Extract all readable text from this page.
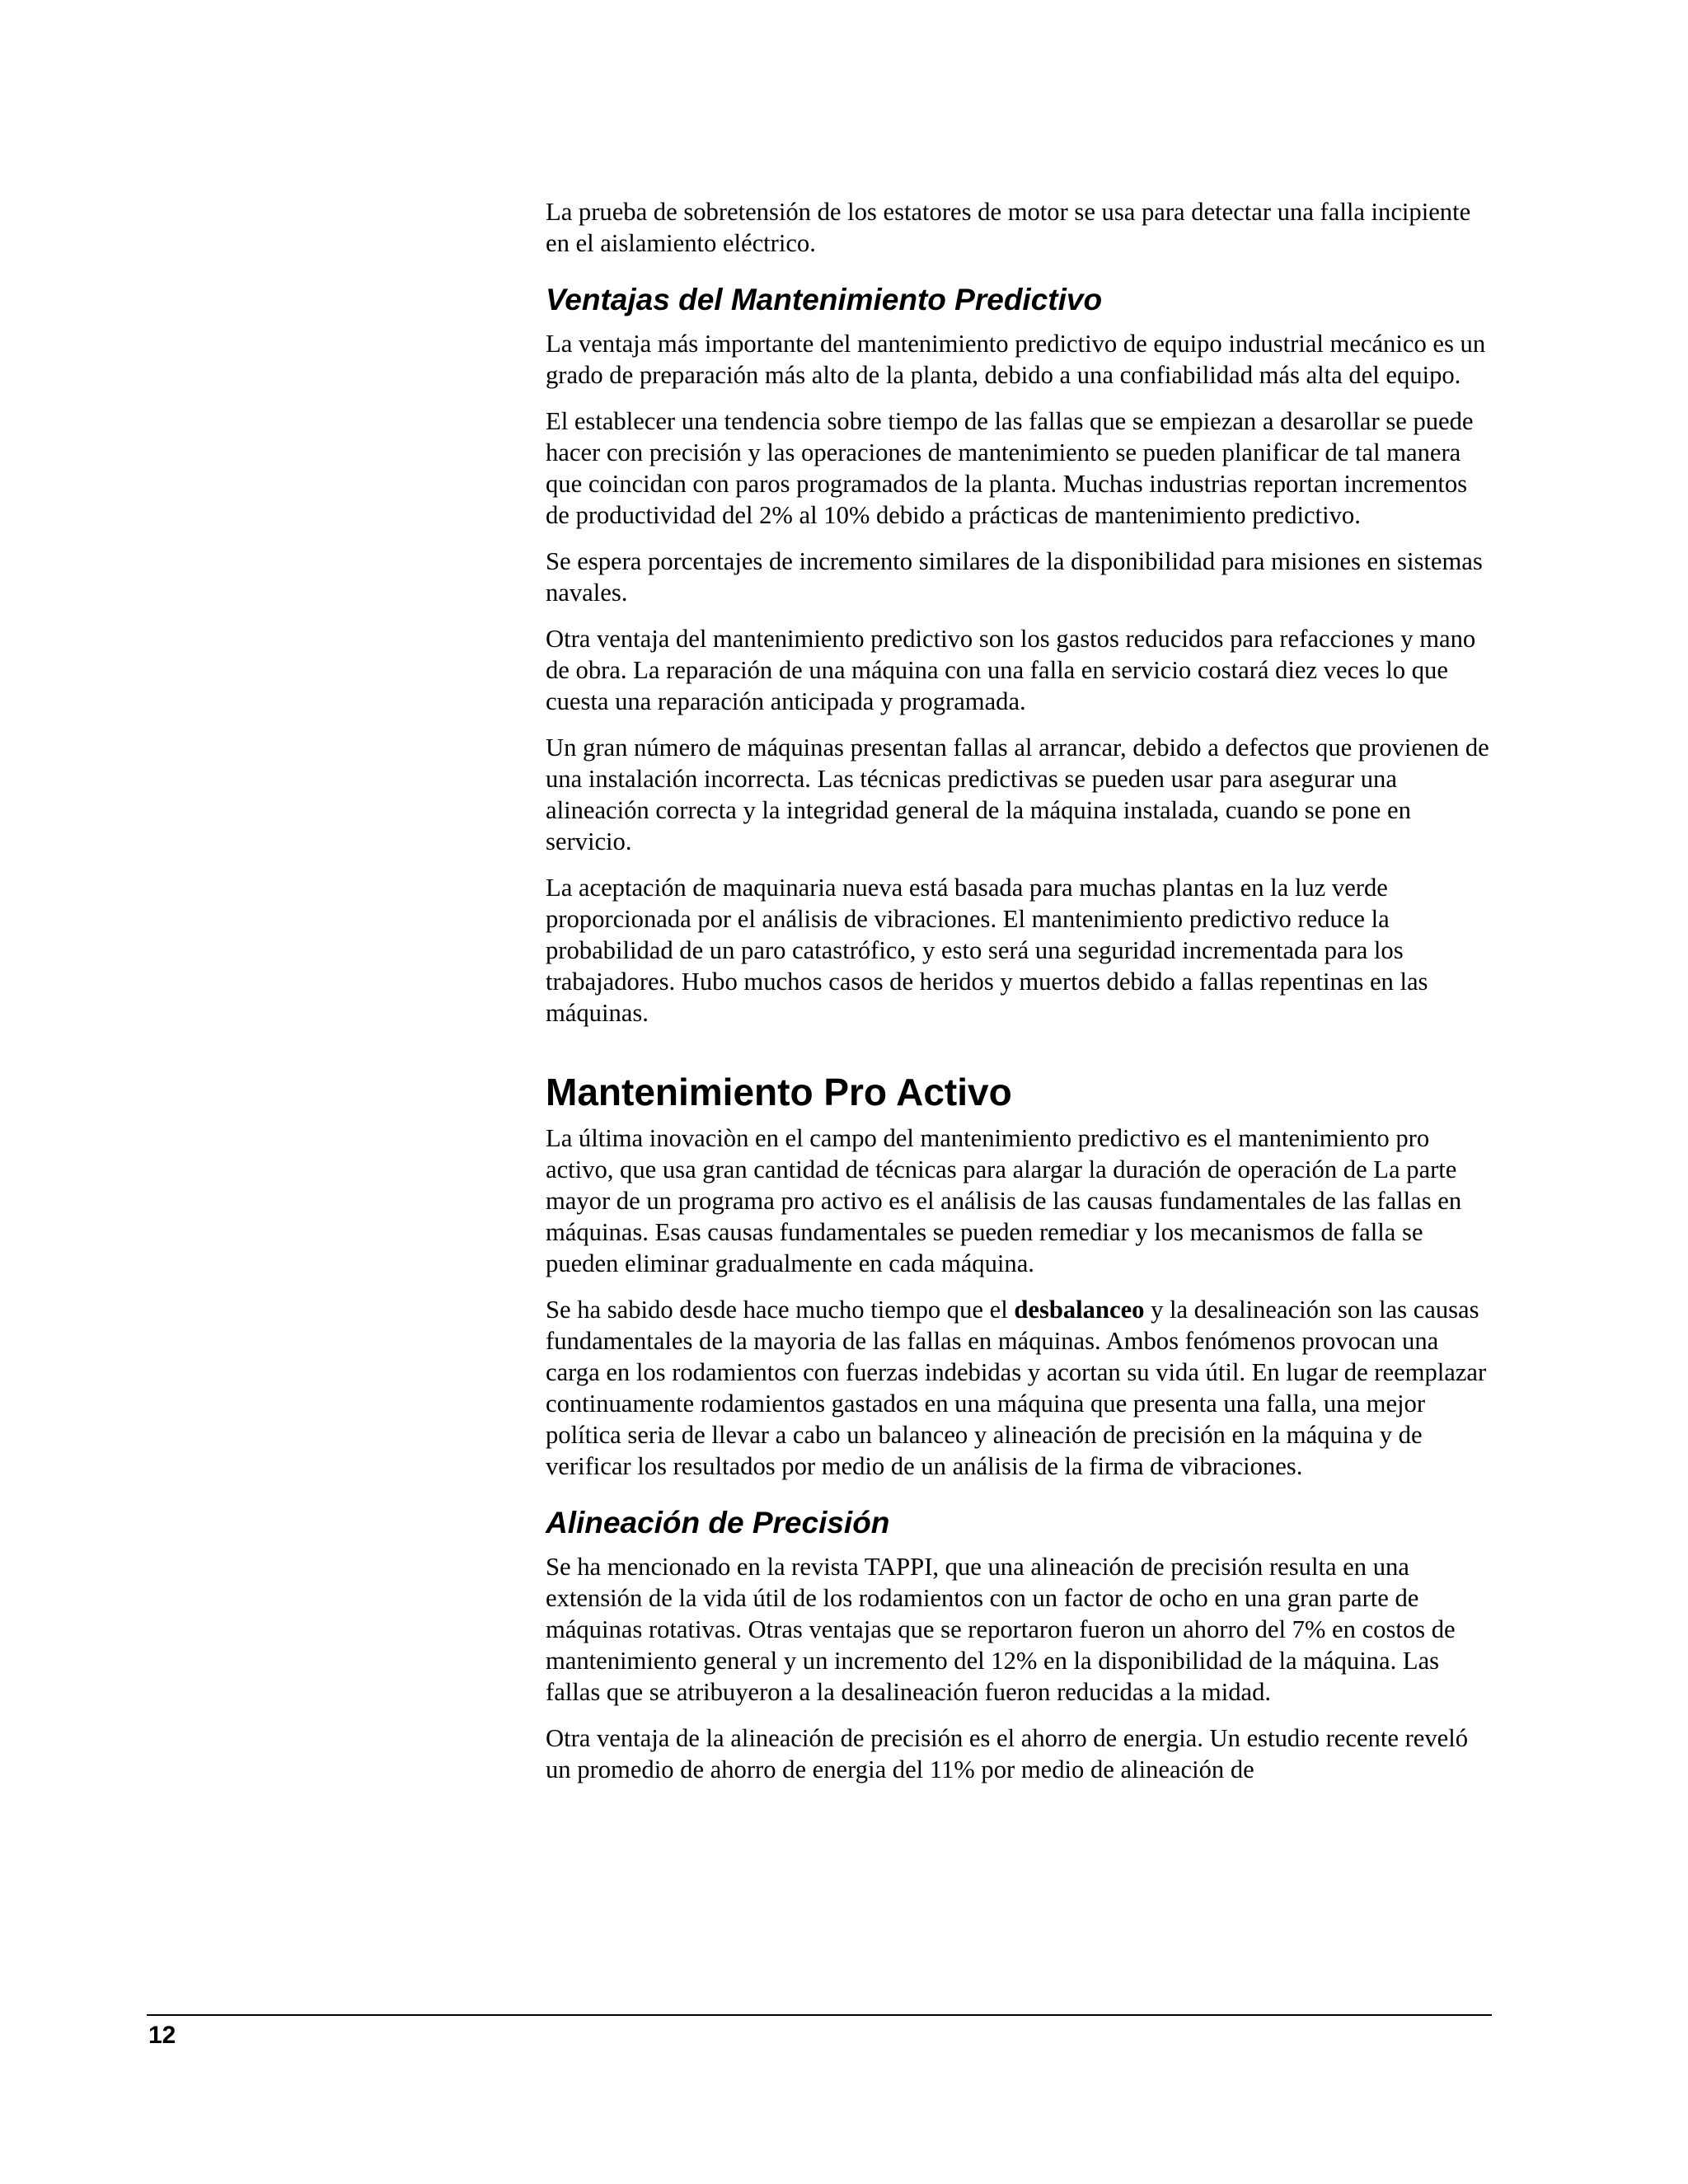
La prueba de sobretensión de los estatores de motor se usa para detectar una falla incipiente en el aislamiento eléctrico.

Ventajas del Mantenimiento Predictivo

La ventaja más importante del mantenimiento predictivo de equipo industrial mecánico es un grado de preparación más alto de la planta, debido a una confiabilidad más alta del equipo.

El establecer una tendencia sobre tiempo de las fallas que se empiezan a desarollar se puede hacer con precisión y las operaciones de mantenimiento se pueden planificar de tal manera que coincidan con paros programados de la planta. Muchas industrias reportan incrementos de productividad del 2% al 10% debido a prácticas de mantenimiento predictivo.

Se espera porcentajes de incremento similares de la disponibilidad para misiones en sistemas navales.

Otra ventaja del mantenimiento predictivo son los gastos reducidos para refacciones y mano de obra. La reparación de una máquina con una falla en servicio costará diez veces lo que cuesta una reparación anticipada y programada.

Un gran número de máquinas presentan fallas al arrancar, debido a defectos que provienen de una instalación incorrecta. Las técnicas predictivas se pueden usar para asegurar una alineación correcta y la integridad general de la máquina instalada, cuando se pone en servicio.

La aceptación de maquinaria nueva está basada para muchas plantas en la luz verde proporcionada por el análisis de vibraciones. El mantenimiento predictivo reduce la probabilidad de un paro catastrófico, y esto será una seguridad incrementada para los trabajadores. Hubo muchos casos de heridos y muertos debido a fallas repentinas en las máquinas.

Mantenimiento Pro Activo

La última inovaciòn en el campo del mantenimiento predictivo es el mantenimiento pro activo, que usa gran cantidad de técnicas para alargar la duración de operación de La parte mayor de un programa pro activo es el análisis de las causas fundamentales de las fallas en máquinas. Esas causas fundamentales se pueden remediar y los mecanismos de falla se pueden eliminar gradualmente en cada máquina.

Se ha sabido desde hace mucho tiempo que el desbalanceo y la desalineación son las causas fundamentales de la mayoria de las fallas en máquinas. Ambos fenómenos provocan una carga en los rodamientos con fuerzas indebidas y acortan su vida útil. En lugar de reemplazar continuamente rodamientos gastados en una máquina que presenta una falla, una mejor política seria de llevar a cabo un balanceo y alineación de precisión en la máquina y de verificar los resultados por medio de un análisis de la firma de vibraciones.

Alineación de Precisión

Se ha mencionado en la revista TAPPI, que una alineación de precisión resulta en una extensión de la vida útil de los rodamientos con un factor de ocho en una gran parte de máquinas rotativas. Otras ventajas que se reportaron fueron un ahorro del 7% en costos de mantenimiento general y un incremento del 12% en la disponibilidad de la máquina. Las fallas que se atribuyeron a la desalineación fueron reducidas a la midad.

Otra ventaja de la alineación de precisión es el ahorro de energia. Un estudio recente reveló un promedio de ahorro de energia del 11% por medio de alineación de

12
